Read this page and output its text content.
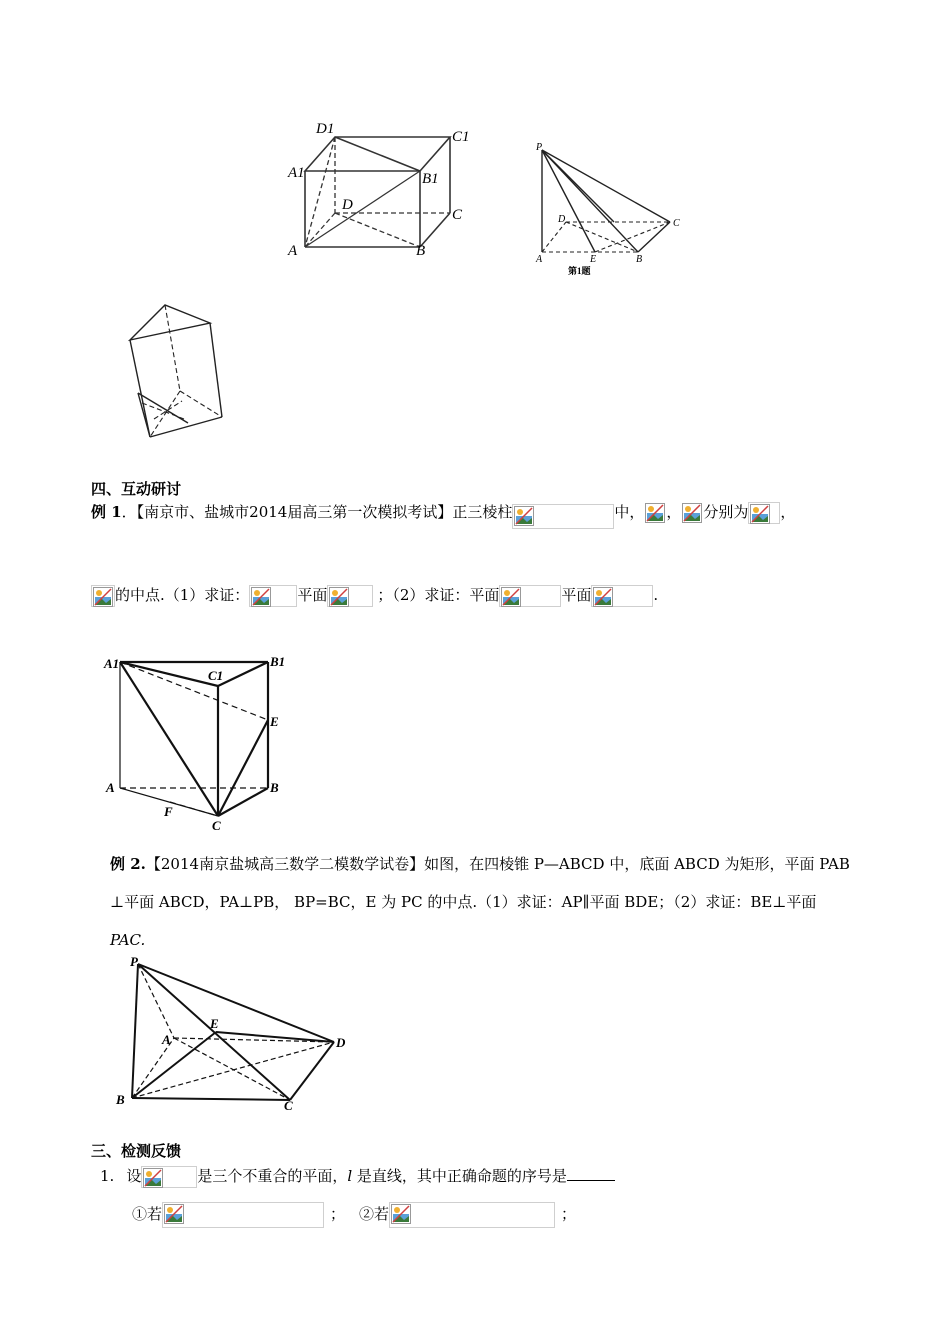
D1	C1
A1	B1
D
C
A	B
P
D	C
A	E	B
第1题
四、互动研讨
例 1．【南京市、盐城市2014届高三第一次模拟考试】正三棱柱	中， ， 分别为 ，
的中点.（1）求证：	平面	；（2）求证：平面	平面	.
A1	B1
C1
E
A	B
F
C
例 2.【2014南京盐城高三数学二模数学试卷】如图，在四棱锥 P—ABCD 中，底面 ABCD 为矩形，平面 PAB
⊥平面 ABCD，PA⊥PB， BP=BC，E 为 PC 的中点.（1）求证：AP∥平面 BDE；（2）求证：BE⊥平面
PAC.
P
E
A	D
B	C
三、检测反馈
1. 设	是三个不重合的平面，l 是直线，其中正确命题的序号是
①若	； ②若	；
